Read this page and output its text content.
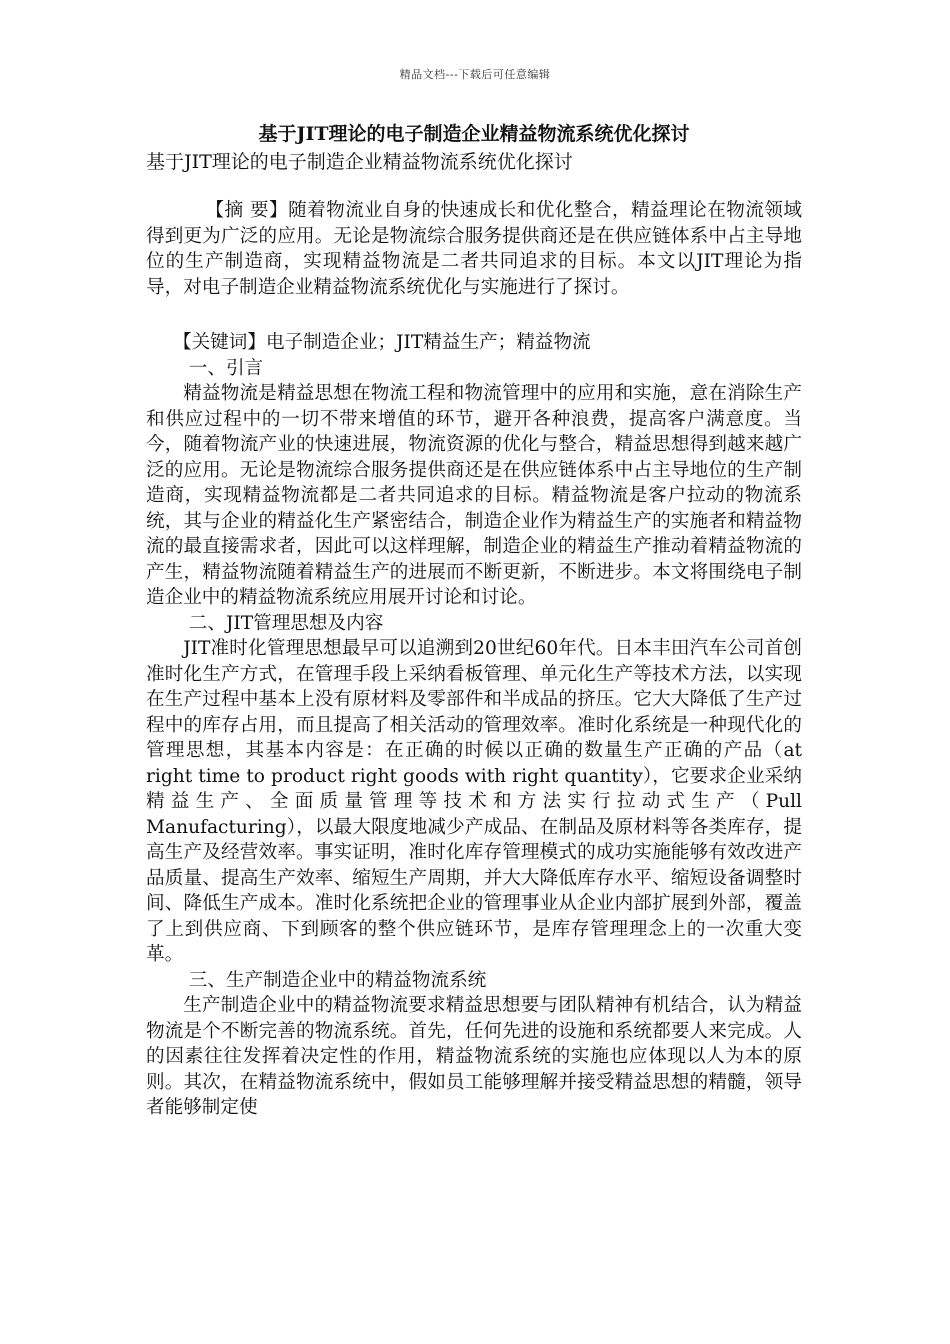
精品文档---下载后可任意编辑
基于JIT理论的电子制造企业精益物流系统优化探讨
基于JIT理论的电子制造企业精益物流系统优化探讨

【摘 要】随着物流业自身的快速成长和优化整合，精益理论在物流领域得到更为广泛的应用。无论是物流综合服务提供商还是在供应链体系中占主导地位的生产制造商，实现精益物流是二者共同追求的目标。本文以JIT理论为指导，对电子制造企业精益物流系统优化与实施进行了探讨。

【关键词】电子制造企业；JIT精益生产；精益物流

一、引言

精益物流是精益思想在物流工程和物流管理中的应用和实施，意在消除生产和供应过程中的一切不带来增值的环节，避开各种浪费，提高客户满意度。当今，随着物流产业的快速进展，物流资源的优化与整合，精益思想得到越来越广泛的应用。无论是物流综合服务提供商还是在供应链体系中占主导地位的生产制造商，实现精益物流都是二者共同追求的目标。精益物流是客户拉动的物流系统，其与企业的精益化生产紧密结合，制造企业作为精益生产的实施者和精益物流的最直接需求者，因此可以这样理解，制造企业的精益生产推动着精益物流的产生，精益物流随着精益生产的进展而不断更新，不断进步。本文将围绕电子制造企业中的精益物流系统应用展开讨论和讨论。

二、JIT管理思想及内容

JIT准时化管理思想最早可以追溯到20世纪60年代。日本丰田汽车公司首创准时化生产方式，在管理手段上采纳看板管理、单元化生产等技术方法，以实现在生产过程中基本上没有原材料及零部件和半成品的挤压。它大大降低了生产过程中的库存占用，而且提高了相关活动的管理效率。准时化系统是一种现代化的管理思想，其基本内容是：在正确的时候以正确的数量生产正确的产品（at right time to product right goods with right quantity），它要求企业采纳精益生产、全面质量管理等技术和方法实行拉动式生产（Pull Manufacturing），以最大限度地减少产成品、在制品及原材料等各类库存，提高生产及经营效率。事实证明，准时化库存管理模式的成功实施能够有效改进产品质量、提高生产效率、缩短生产周期，并大大降低库存水平、缩短设备调整时间、降低生产成本。准时化系统把企业的管理事业从企业内部扩展到外部，覆盖了上到供应商、下到顾客的整个供应链环节，是库存管理理念上的一次重大变革。

三、生产制造企业中的精益物流系统

生产制造企业中的精益物流要求精益思想要与团队精神有机结合，认为精益物流是个不断完善的物流系统。首先，任何先进的设施和系统都要人来完成。人的因素往往发挥着决定性的作用，精益物流系统的实施也应体现以人为本的原则。其次，在精益物流系统中，假如员工能够理解并接受精益思想的精髓，领导者能够制定使
